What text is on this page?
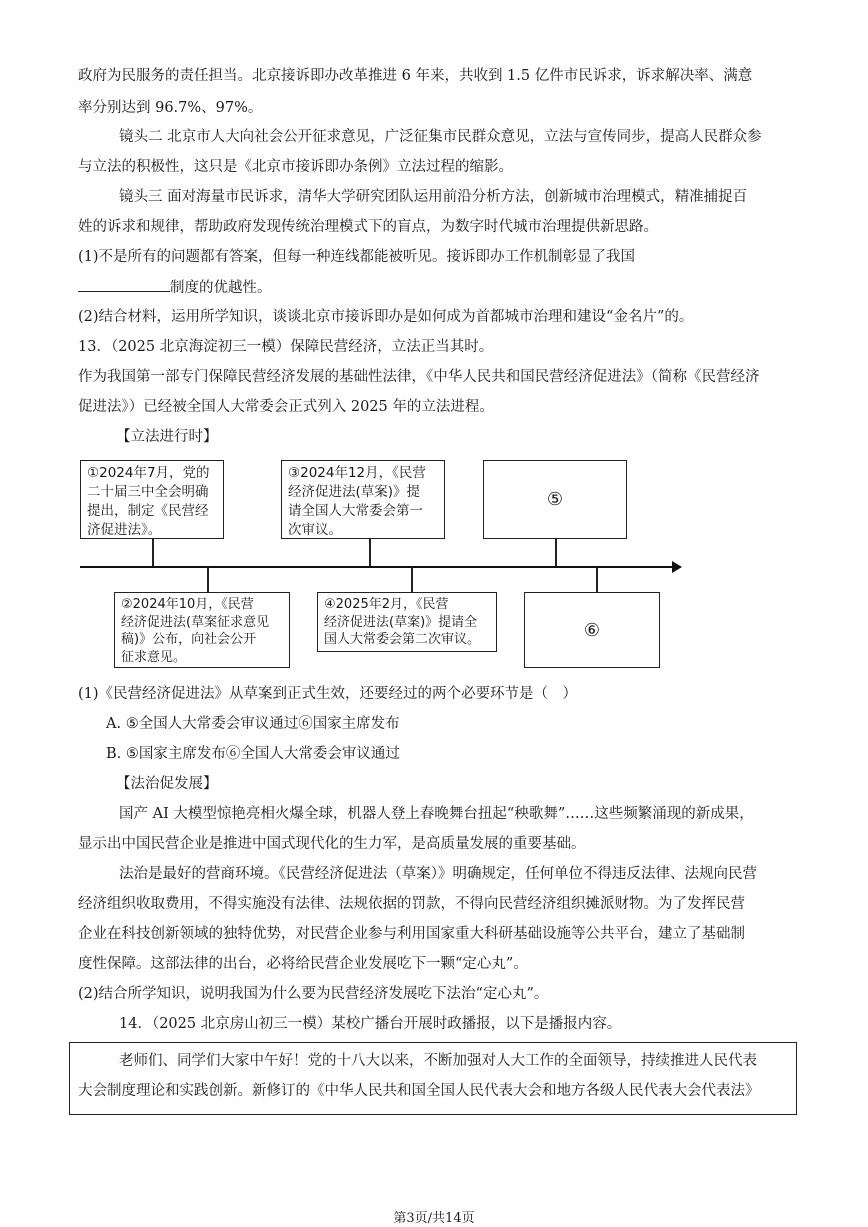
政府为民服务的责任担当。北京接诉即办改革推进 6 年来，共收到 1.5 亿件市民诉求，诉求解决率、满意
率分别达到 96.7%、97%。
镜头二 北京市人大向社会公开征求意见，广泛征集市民群众意见，立法与宣传同步，提高人民群众参
与立法的积极性，这只是《北京市接诉即办条例》立法过程的缩影。
镜头三 面对海量市民诉求，清华大学研究团队运用前沿分析方法，创新城市治理模式，精准捕捉百
姓的诉求和规律，帮助政府发现传统治理模式下的盲点，为数字时代城市治理提供新思路。
(1)不是所有的问题都有答案，但每一种连线都能被听见。接诉即办工作机制彰显了我国
制度的优越性。
(2)结合材料，运用所学知识，谈谈北京市接诉即办是如何成为首都城市治理和建设“金名片”的。
13．（2025 北京海淀初三一模）保障民营经济，立法正当其时。
作为我国第一部专门保障民营经济发展的基础性法律，《中华人民共和国民营经济促进法》（简称《民营经济
促进法》）已经被全国人大常委会正式列入 2025 年的立法进程。
【立法进行时】
①2024年7月，党的
二十届三中全会明确
提出，制定《民营经
济促进法》。
③2024年12月，《民营
经济促进法(草案)》提
请全国人大常委会第一
次审议。
⑤
②2024年10月，《民营
经济促进法(草案征求意见
稿)》公布，向社会公开
征求意见。
④2025年2月，《民营
经济促进法(草案)》提请全
国人大常委会第二次审议。	⑥
(1)《民营经济促进法》从草案到正式生效，还要经过的两个必要环节是（　）
A. ⑤全国人大常委会审议通过⑥国家主席发布
B. ⑤国家主席发布⑥全国人大常委会审议通过
【法治促发展】
国产 AI 大模型惊艳亮相火爆全球，机器人登上春晚舞台扭起“秧歌舞”……这些频繁涌现的新成果，
显示出中国民营企业是推进中国式现代化的生力军，是高质量发展的重要基础。
法治是最好的营商环境。《民营经济促进法（草案）》明确规定，任何单位不得违反法律、法规向民营
经济组织收取费用，不得实施没有法律、法规依据的罚款，不得向民营经济组织摊派财物。为了发挥民营
企业在科技创新领域的独特优势，对民营企业参与利用国家重大科研基础设施等公共平台，建立了基础制
度性保障。这部法律的出台，必将给民营企业发展吃下一颗“定心丸”。
(2)结合所学知识，说明我国为什么要为民营经济发展吃下法治“定心丸”。
14．（2025 北京房山初三一模）某校广播台开展时政播报，以下是播报内容。
老师们、同学们大家中午好！党的十八大以来，不断加强对人大工作的全面领导，持续推进人民代表
大会制度理论和实践创新。新修订的《中华人民共和国全国人民代表大会和地方各级人民代表大会代表法》
第3页/共14页
